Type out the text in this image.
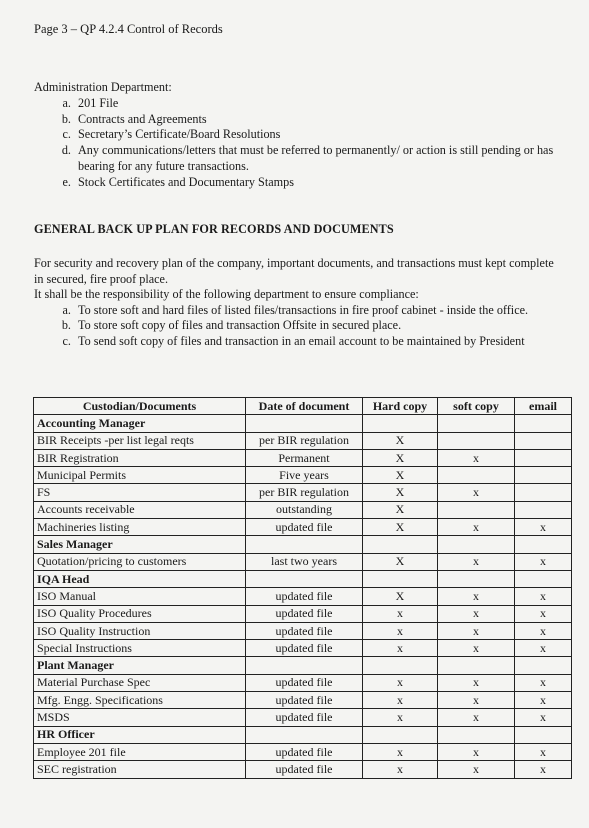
Page 3 – QP 4.2.4 Control of Records
Administration Department:
a. 201 File
b. Contracts and Agreements
c. Secretary’s Certificate/Board Resolutions
d. Any communications/letters that must be referred to permanently/ or action is still pending or has bearing for any future transactions.
e. Stock Certificates and Documentary Stamps
GENERAL BACK UP PLAN FOR RECORDS AND DOCUMENTS

For security and recovery plan of the company, important documents, and transactions must kept complete in secured, fire proof place.

It shall be the responsibility of the following department to ensure compliance:

a. To store soft and hard files of listed files/transactions in fire proof cabinet - inside the office.
b. To store soft copy of files and transaction Offsite in secured place.
c. To send soft copy of files and transaction in an email account to be maintained by President
Custodian/Documents	Date of document	Hard copy	soft copy	email
Accounting Manager				
BIR Receipts -per list legal reqts	per BIR regulation	X		
BIR Registration	Permanent	X	x	
Municipal Permits	Five years	X		
FS	per BIR regulation	X	x	
Accounts receivable	outstanding	X		
Machineries listing	updated file	X	x	x
Sales Manager				
Quotation/pricing to customers	last two years	X	x	x
IQA Head				
ISO Manual	updated file	X	x	x
ISO Quality Procedures	updated file	x	x	x
ISO Quality Instruction	updated file	x	x	x
Special Instructions	updated file	x	x	x
Plant Manager				
Material Purchase Spec	updated file	x	x	x
Mfg. Engg. Specifications	updated file	x	x	x
MSDS	updated file	x	x	x
HR Officer				
Employee 201 file	updated file	x	x	x
SEC registration	updated file	x	x	x
